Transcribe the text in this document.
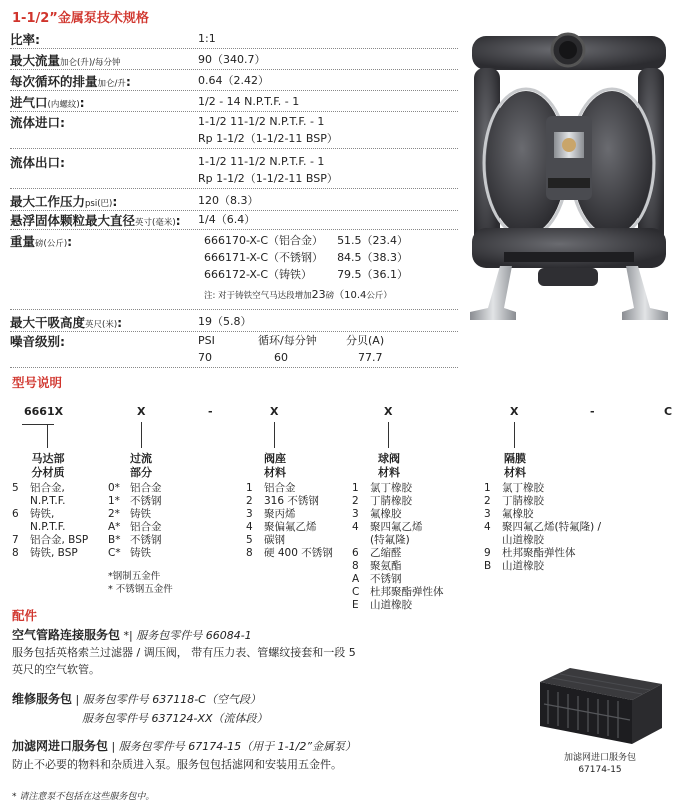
1-1/2”金属泵技术规格
比率:	1:1
最大流量加仑(升)/每分钟	90（340.7）
每次循环的排量加仑/升:	0.64（2.42）
进气口(内螺纹):	1/2 - 14 N.P.T.F. - 1
流体进口:	1-1/2 11-1/2 N.P.T.F. - 1
Rp 1-1/2（1-1/2-11 BSP）
流体出口:	1-1/2 11-1/2 N.P.T.F. - 1
Rp 1-1/2（1-1/2-11 BSP）
最大工作压力psi(巴):	120（8.3）
悬浮固体颗粒最大直径英寸(毫米): 1/4（6.4）
重量磅(公斤):	666170-X-C（铝合金）	51.5（23.4）
666171-X-C（不锈钢）	84.5（38.3）
666172-X-C（铸铁）	79.5（36.1）
注: 对于铸铁空气马达段增加23磅（10.4公斤）
最大干吸高度英尺(米):	19（5.8）
噪音级别:	PSI	循环/每分钟	分贝(A)
70	60	77.7
型号说明
6661X	X	-	X	X	X	-	C
马达部
分材质
过流
部分
阀座
材料
球阀
材料
隔膜
材料
5	铝合金,
N.P.T.F.
6	铸铁,
N.P.T.F.
7	铝合金, BSP
8	铸铁, BSP
0* 铝合金
1* 不锈钢
2* 铸铁
A* 铝合金
B* 不锈钢
C* 铸铁
*钢制五金件
* 不锈钢五金件
1	铝合金
2	316 不锈钢
3	聚丙烯
4	聚偏氟乙烯
5	碳钢
8	硬 400 不锈钢
1	氯丁橡胶
2	丁腈橡胶
3	氟橡胶
4	聚四氟乙烯
(特氟隆)
6	乙缩醛
8	聚氨酯
A	不锈钢
C	杜邦聚酯弹性体
E	山道橡胶
1	氯丁橡胶
2	丁腈橡胶
3	氟橡胶
4	聚四氟乙烯(特氟隆) /
山道橡胶
9	杜邦聚酯弹性体
B	山道橡胶
配件
空气管路连接服务包 *| 服务包零件号 66084-1
服务包括英格索兰过滤器 / 调压阀， 带有压力表、管螺纹接套和一段 5
英尺的空气软管。
维修服务包 | 服务包零件号 637118-C（空气段）
服务包零件号 637124-XX（流体段）
加滤网进口服务包 | 服务包零件号 67174-15（用于 1-1/2”金属泵）
防止不必要的物料和杂质进入泵。服务包包括滤网和安装用五金件。
* 请注意泵不包括在这些服务包中。
加滤网进口服务包
67174-15
